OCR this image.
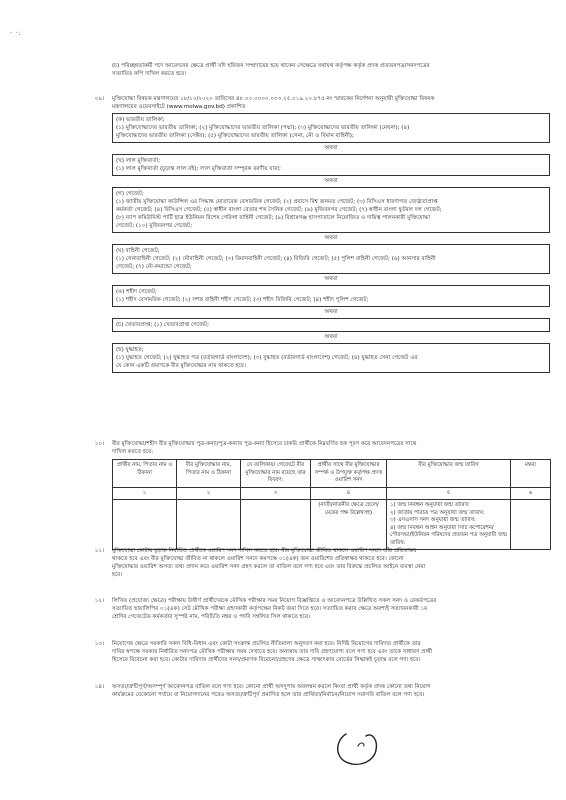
· ·:
(চ) পরিচ্ছন্নতাকর্মী পদে আবেদনের ক্ষেত্রে প্রার্থী যদি হরিজন সম্প্রদায়ের হয়ে থাকেন সেক্ষেত্রে যথাযথ কর্তৃপক্ষ কর্তৃক প্রদত্ত প্রত্যয়নপত্র/সনদপত্রের
সত্যায়িত কপি দাখিল করতে হবে।
০৯।	মুক্তিযোদ্ধা বিষয়ক মন্ত্রণালয়ের ১৮/১০/২০২০ তারিখের ৪৮.০০.০০০০.০০৩.২৫.০১৯.২০.৮৭৫ নং স্মারকের নির্দেশনা অনুযায়ী মুক্তিযোদ্ধা বিষয়ক
মন্ত্রণালয়ের ওয়েবসাইটে (www.molwa.gov.bd) প্রকাশিত
(ক) ভারতীয় তালিকা;
(১) মুক্তিযোদ্ধাদের ভারতীয় তালিকা; (২) মুক্তিযোদ্ধাদের ভারতীয় তালিকা (পদ্মা); (৩) মুক্তিযোদ্ধাদের ভারতীয় তালিকা (মেঘনা); (৪)
মুক্তিযোদ্ধাদের ভারতীয় তালিকা (সেক্টর); (৫) মুক্তিযোদ্ধাদের ভারতীয় তালিকা (সেনা, নৌ ও বিমান বাহিনী);
অথবা
(খ) লাল মুক্তিবার্তা;
(১) লাল মুক্তিবার্তা (চূড়ান্ত লাল বই); লাল মুক্তিবার্তা সম্পূরক বরণীয় যারা;
অথবা
(গ) গেজেট;
(১) জাতীয় মুক্তিযোদ্ধা কাউন্সিল এর সিদ্ধান্ত মোতাবেক বেসামরিক গেজেট; (২) প্রবাসে বিশ্ব জনমত গেজেট; (৩) বিসিএস ধারণাগত জ্যেষ্ঠতাপ্রাপ্ত
কর্মকর্তা গেজেট; (৪) বিসিএস গেজেট; (৫) স্বাধীন বাংলা বেতার শব্দ সৈনিক গেজেট; (৬) মুজিবনগর গেজেট; (৭) স্বাধীন বাংলা ফুটবল দল গেজেট;
(৮) ন্যাপ কমিউনিস্ট পার্টি ছাত্র ইউনিয়ন বিশেষ গেরিলা বাহিনী গেজেট; (৯) বিশ্রামগঞ্জ হাসপাতালে নিয়োজিত ও দায়িত্ব পালনকারী মুক্তিযোদ্ধা
গেজেট; (১০) মুজিবনগর গেজেট;
অথবা
(ঘ) বাহিনী গেজেট;
(১) সেনাবাহিনী গেজেট; (২) নৌবাহিনী গেজেট; (৩) বিমানবাহিনী গেজেট; (৪) বিজিবি গেজেট; (৫) পুলিশ বাহিনী গেজেট; (৬) আনসার বাহিনী
গেজেট; (৭) নৌ-কমান্ডো গেজেট;
অথবা
(ঙ) শহীদ গেজেট;
(১) শহীদ বেসামরিক গেজেট; (২) সশস্ত্র বাহিনী শহীদ গেজেট; (৩) শহীদ বিজিবি গেজেট; (৪) শহীদ পুলিশ গেজেট;
অথবা
(চ) খেতাবপ্রাপ্ত; (১) খেতাবপ্রাপ্ত গেজেট;
অথবা
(ছ) যুদ্ধাহত;
(১) যুদ্ধাহত গেজেট; (২) যুদ্ধাহত পত্র (বর্তারগার্ড বাংলাদেশ); (৩) যুদ্ধাহত (বর্ডারগার্ড বাংলাদেশ) গেজেট; (৪) যুদ্ধাহত সেনা গেজেট এর
যে কোন একটি প্রমাণকে বীর মুক্তিযোদ্ধার নাম থাকতে হবে।
১০।	বীর মুক্তিযোদ্ধা/শহীদ বীর মুক্তিযোদ্ধার পুত্র-কন্যা/পুত্র-কন্যার পুত্র-কন্যা হিসেবে চাকরি প্রার্থীকে নিম্নবর্ণিত ছক পূরণ করে আবেদনপত্রের সাথে
দাখিল করতে হবে:
প্রার্থীর নাম, পিতার নাম ও ঠিকানা	বীর মুক্তিযোদ্ধার নাম, পিতার নাম ও ঠিকানা	যে তালিকায়/ গেজেটে বীর মুক্তিযোদ্ধার নাম রয়েছে তার বিবরণ:	প্রার্থীর সাথে বীর মুক্তিযোদ্ধার সম্পর্ক ও উপযুক্ত কর্তৃপক্ষ প্রদত্ত ওয়ারিশ সনদ	বীর মুক্তিযোদ্ধার জন্ম তারিখ	মন্তব্য
১	২	৩	৪	৫	৬
			(নাতী/নাতনীর ক্ষেত্রে ছেলে/মেয়ের পক্ষ উল্লেখসহ)	১) জন্ম নিবন্ধন অনুযায়ী জন্ম তারিখ:
২) জাতীয় পরিচয় পত্র অনুযায়ী জন্ম তারিখ:
৩) এসএসসি সনদ অনুযায়ী জন্ম তারিখ:
৪) জন্ম নিবন্ধন আইন অনুযায়ী সিটি কর্পোরেশন/পৌরসভা/ইউনিয়ন পরিষদের প্রত্যয়ন পত্র অনুযায়ী জন্ম তারিখ:	

১১।	মুক্তিযোদ্ধা কোটায় চূড়ান্ত নির্বাচিত প্রার্থীকে ওয়ারিশ সনদ দাখিল করতে হবে। বীর মুক্তিযোদ্ধা জীবিত থাকলে ওয়ারিশ সনদে তাঁর প্রতিস্বাক্ষর
থাকতে হবে এবং বীর মুক্তিযোদ্ধা জীবিত না থাকলে ওয়ারিশ সনদে কমপক্ষে ০১(এক) জন ওয়ারিশের প্রতিস্বাক্ষর থাকতে হবে। কোনো
মুক্তিযোদ্ধার ওয়ারিশ অসত্য তথ্য প্রদান করে ওয়ারিশ সনদ গ্রহণ করলে তা বাতিল বলে গণ্য হবে এবং তার বিরুদ্ধে প্রচলিত আইনে ব্যবস্থা নেয়া
হবে।
১২।	লিখিত (প্রযোজ্য ক্ষেত্রে) পরীক্ষায় উত্তীর্ণ প্রার্থীদেরকে মৌখিক পরীক্ষার সময় নিয়োগ বিজ্ঞপ্তিতে ও আবেদনপত্রে উল্লিখিত সকল সনদ ও রেকর্ডপত্রের
সত্যায়িত ছায়ালিপির ০১(এক) সেট মৌখিক পরীক্ষা গ্রহণকারী কর্তৃপক্ষের নিকট জমা দিতে হবে। সত্যায়িত করার ক্ষেত্রে অবশ্যই সত্যায়নকারী ১ম
শ্রেণির গেজেটেড কর্মকর্তার সুস্পষ্ট নাম, পরিচিতি নম্বর ও পদবি সম্বলিত সিল থাকতে হবে।
১৩।	নিয়োগের ক্ষেত্রে সরকারি সকল বিধি-বিধান এবং কোটা সংক্রান্ত প্রচলিত নীতিমালা অনুসরণ করা হবে। নির্দিষ্ট নিয়োগের দাবিদার প্রার্থীকে তার
দাবির স্বপক্ষে সরকার নির্ধারিত সনদপত্র মৌখিক পরীক্ষার সময় দেখাতে হবে। অন্যথায় তার দাবি গ্রহণযোগ্য বলে গণ্য হবে এবং তাকে সাধারণ প্রার্থী
হিসেবে বিবেচনা করা হবে। কোটার দাবিদার প্রার্থীদের সনদ/প্রমাণক বিবেচনা/গ্রহণের ক্ষেত্রে সাক্ষাৎকার বোর্ডের সিদ্ধান্তই চূড়ান্ত বলে গণ্য হবে।
১৪।	অসত্য/ত্রুটিপূর্ণ/অসম্পূর্ণ আবেদনপত্র বাতিল বলে গণ্য হবে। কোনো প্রার্থী অসদুপায় অবলম্বন করলে কিংবা প্রার্থী কর্তৃক প্রদত্ত কোনো তথ্য নিয়োগ
কার্যক্রমের যেকোনো পর্যায়ে বা নিয়োগদানের পরেও অসত্য/ত্রুটিপূর্ণ প্রমাণিত হলে তার প্রার্থিতা/নির্বাচন/নিয়োগ সরাসরি বাতিল বলে গণ্য হবে।
